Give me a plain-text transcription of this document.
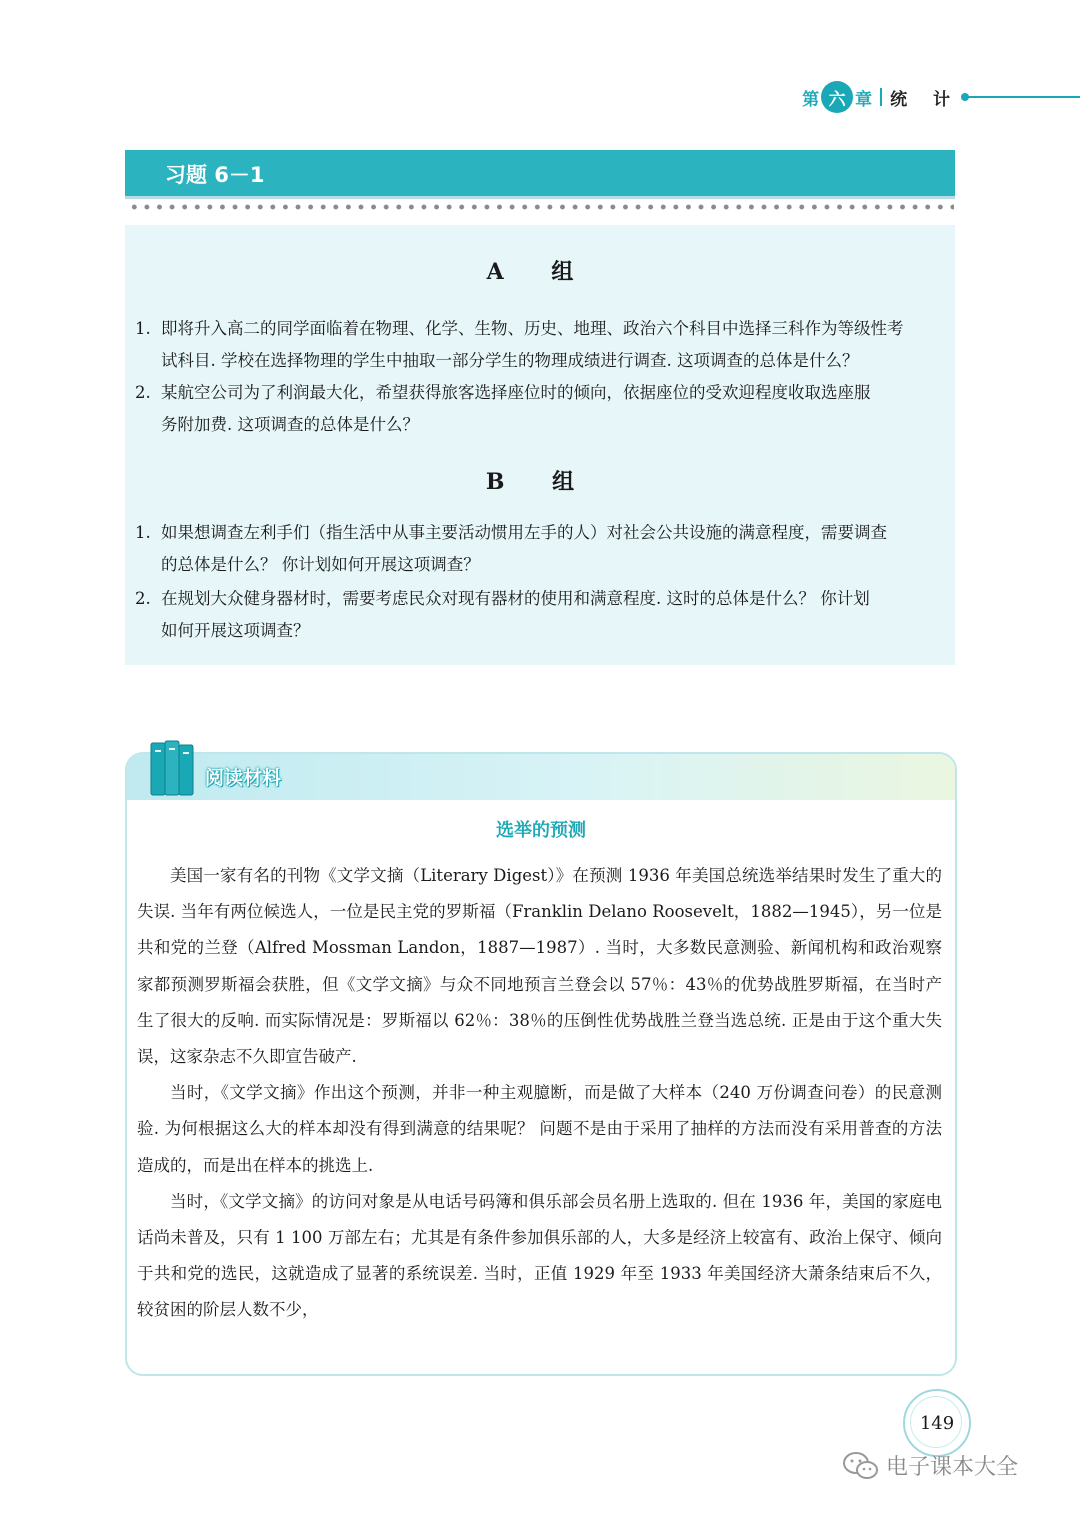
第 六 章 统 计
习题 6－1
A 组
1. 即将升入高二的同学面临着在物理、化学、生物、历史、地理、政治六个科目中选择三科作为等级性考
试科目. 学校在选择物理的学生中抽取一部分学生的物理成绩进行调查. 这项调查的总体是什么？
2. 某航空公司为了利润最大化，希望获得旅客选择座位时的倾向，依据座位的受欢迎程度收取选座服
务附加费. 这项调查的总体是什么？
B 组
1. 如果想调查左利手们（指生活中从事主要活动惯用左手的人）对社会公共设施的满意程度，需要调查
的总体是什么？ 你计划如何开展这项调查？
2. 在规划大众健身器材时，需要考虑民众对现有器材的使用和满意程度. 这时的总体是什么？ 你计划
如何开展这项调查？
阅读材料
选举的预测

美国一家有名的刊物《文学文摘（Literary Digest）》在预测 1936 年美国总统选举结果时发生了重大的失误. 当年有两位候选人，一位是民主党的罗斯福（Franklin Delano Roosevelt，1882—1945），另一位是共和党的兰登（Alfred Mossman Landon，1887—1987）. 当时，大多数民意测验、新闻机构和政治观察家都预测罗斯福会获胜，但《文学文摘》与众不同地预言兰登会以 57％：43％的优势战胜罗斯福，在当时产生了很大的反响. 而实际情况是：罗斯福以 62％：38％的压倒性优势战胜兰登当选总统. 正是由于这个重大失误，这家杂志不久即宣告破产.

当时，《文学文摘》作出这个预测，并非一种主观臆断，而是做了大样本（240 万份调查问卷）的民意测验. 为何根据这么大的样本却没有得到满意的结果呢？ 问题不是由于采用了抽样的方法而没有采用普查的方法造成的，而是出在样本的挑选上.

当时，《文学文摘》的访问对象是从电话号码簿和俱乐部会员名册上选取的. 但在 1936 年，美国的家庭电话尚未普及，只有 1 100 万部左右；尤其是有条件参加俱乐部的人，大多是经济上较富有、政治上保守、倾向于共和党的选民，这就造成了显著的系统误差. 当时，正值 1929 年至 1933 年美国经济大萧条结束后不久，较贫困的阶层人数不少，

149
电子课本大全
